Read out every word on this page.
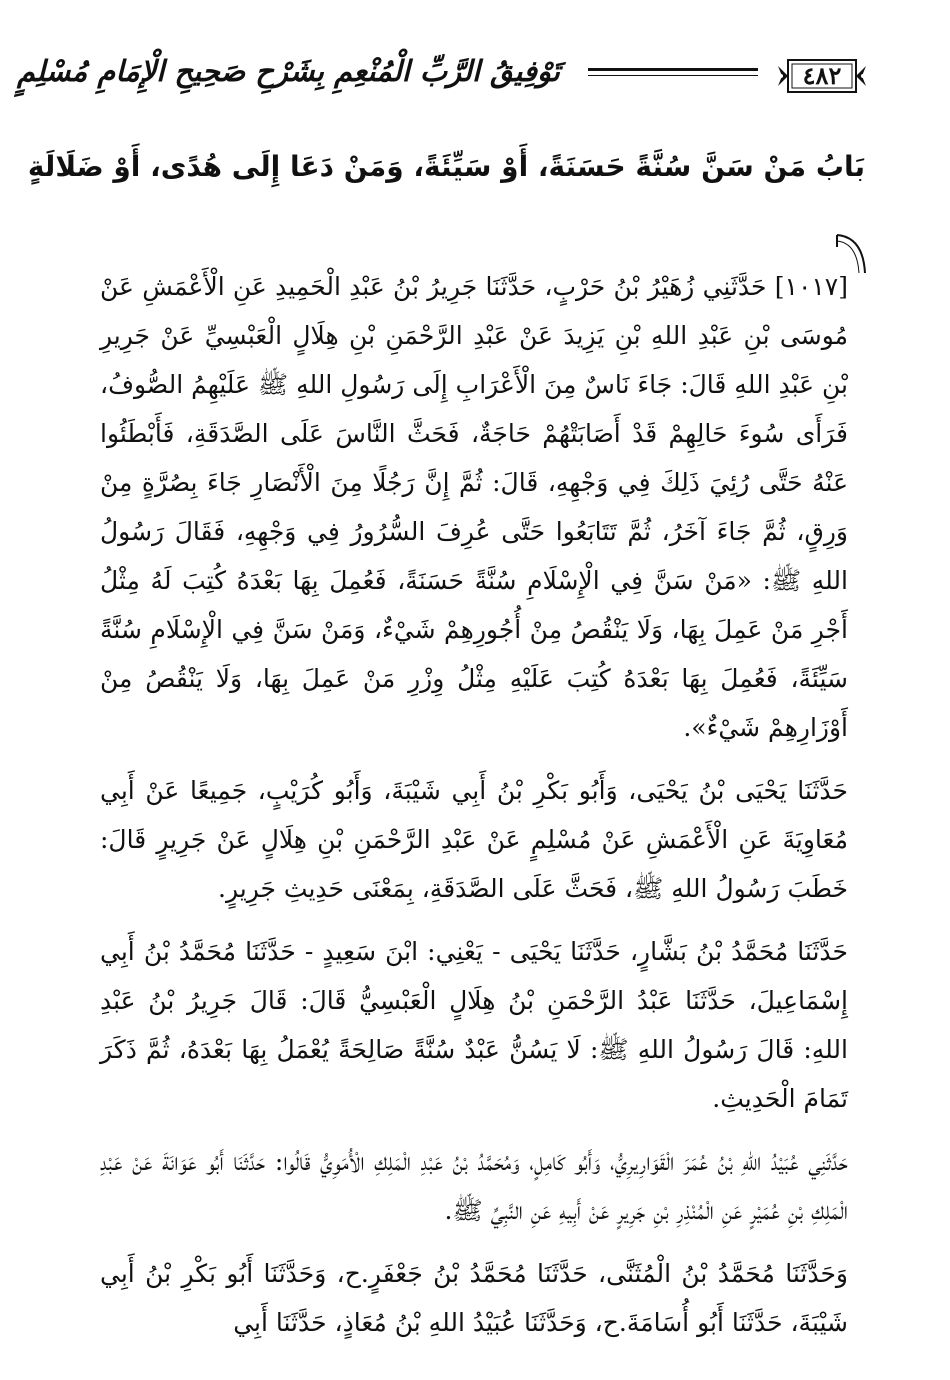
٤٨٢
تَوْفِيقُ الرَّبِّ الْمُنْعِمِ بِشَرْحِ صَحِيحِ الْإِمَامِ مُسْلِمٍ
بَابُ مَنْ سَنَّ سُنَّةً حَسَنَةً، أَوْ سَيِّئَةً، وَمَنْ دَعَا إِلَى هُدًى، أَوْ ضَلَالَةٍ

[١٠١٧] حَدَّثَنِي زُهَيْرُ بْنُ حَرْبٍ، حَدَّثَنَا جَرِيرُ بْنُ عَبْدِ الْحَمِيدِ عَنِ الْأَعْمَشِ عَنْ مُوسَى بْنِ عَبْدِ اللهِ بْنِ يَزِيدَ عَنْ عَبْدِ الرَّحْمَنِ بْنِ هِلَالٍ الْعَبْسِيِّ عَنْ جَرِيرِ بْنِ عَبْدِ اللهِ قَالَ: جَاءَ نَاسٌ مِنَ الْأَعْرَابِ إِلَى رَسُولِ اللهِ ﷺ عَلَيْهِمُ الصُّوفُ، فَرَأَى سُوءَ حَالِهِمْ قَدْ أَصَابَتْهُمْ حَاجَةٌ، فَحَثَّ النَّاسَ عَلَى الصَّدَقَةِ، فَأَبْطَئُوا عَنْهُ حَتَّى رُئِيَ ذَلِكَ فِي وَجْهِهِ، قَالَ: ثُمَّ إِنَّ رَجُلًا مِنَ الْأَنْصَارِ جَاءَ بِصُرَّةٍ مِنْ وَرِقٍ، ثُمَّ جَاءَ آخَرُ، ثُمَّ تَتَابَعُوا حَتَّى عُرِفَ السُّرُورُ فِي وَجْهِهِ، فَقَالَ رَسُولُ اللهِ ﷺ: «مَنْ سَنَّ فِي الْإِسْلَامِ سُنَّةً حَسَنَةً، فَعُمِلَ بِهَا بَعْدَهُ كُتِبَ لَهُ مِثْلُ أَجْرِ مَنْ عَمِلَ بِهَا، وَلَا يَنْقُصُ مِنْ أُجُورِهِمْ شَيْءٌ، وَمَنْ سَنَّ فِي الْإِسْلَامِ سُنَّةً سَيِّئَةً، فَعُمِلَ بِهَا بَعْدَهُ كُتِبَ عَلَيْهِ مِثْلُ وِزْرِ مَنْ عَمِلَ بِهَا، وَلَا يَنْقُصُ مِنْ أَوْزَارِهِمْ شَيْءٌ».

حَدَّثَنَا يَحْيَى بْنُ يَحْيَى، وَأَبُو بَكْرِ بْنُ أَبِي شَيْبَةَ، وَأَبُو كُرَيْبٍ، جَمِيعًا عَنْ أَبِي مُعَاوِيَةَ عَنِ الْأَعْمَشِ عَنْ مُسْلِمٍ عَنْ عَبْدِ الرَّحْمَنِ بْنِ هِلَالٍ عَنْ جَرِيرٍ قَالَ: خَطَبَ رَسُولُ اللهِ ﷺ، فَحَثَّ عَلَى الصَّدَقَةِ، بِمَعْنَى حَدِيثِ جَرِيرٍ.

حَدَّثَنَا مُحَمَّدُ بْنُ بَشَّارٍ، حَدَّثَنَا يَحْيَى - يَعْنِي: ابْنَ سَعِيدٍ - حَدَّثَنَا مُحَمَّدُ بْنُ أَبِي إِسْمَاعِيلَ، حَدَّثَنَا عَبْدُ الرَّحْمَنِ بْنُ هِلَالٍ الْعَبْسِيُّ قَالَ: قَالَ جَرِيرُ بْنُ عَبْدِ اللهِ: قَالَ رَسُولُ اللهِ ﷺ: لَا يَسُنُّ عَبْدٌ سُنَّةً صَالِحَةً يُعْمَلُ بِهَا بَعْدَهُ، ثُمَّ ذَكَرَ تَمَامَ الْحَدِيثِ.

حَدَّثَنِي عُبَيْدُ اللهِ بْنُ عُمَرَ الْقَوَارِيرِيُّ، وَأَبُو كَامِلٍ، وَمُحَمَّدُ بْنُ عَبْدِ الْمَلِكِ الْأُمَوِيُّ قَالُوا: حَدَّثَنَا أَبُو عَوَانَةَ عَنْ عَبْدِ الْمَلِكِ بْنِ عُمَيْرٍ عَنِ الْمُنْذِرِ بْنِ جَرِيرٍ عَنْ أَبِيهِ عَنِ النَّبِيِّ ﷺ.

وَحَدَّثَنَا مُحَمَّدُ بْنُ الْمُثَنَّى، حَدَّثَنَا مُحَمَّدُ بْنُ جَعْفَرٍ.ح، وَحَدَّثَنَا أَبُو بَكْرِ بْنُ أَبِي شَيْبَةَ، حَدَّثَنَا أَبُو أُسَامَةَ.ح، وَحَدَّثَنَا عُبَيْدُ اللهِ بْنُ مُعَاذٍ، حَدَّثَنَا أَبِي
